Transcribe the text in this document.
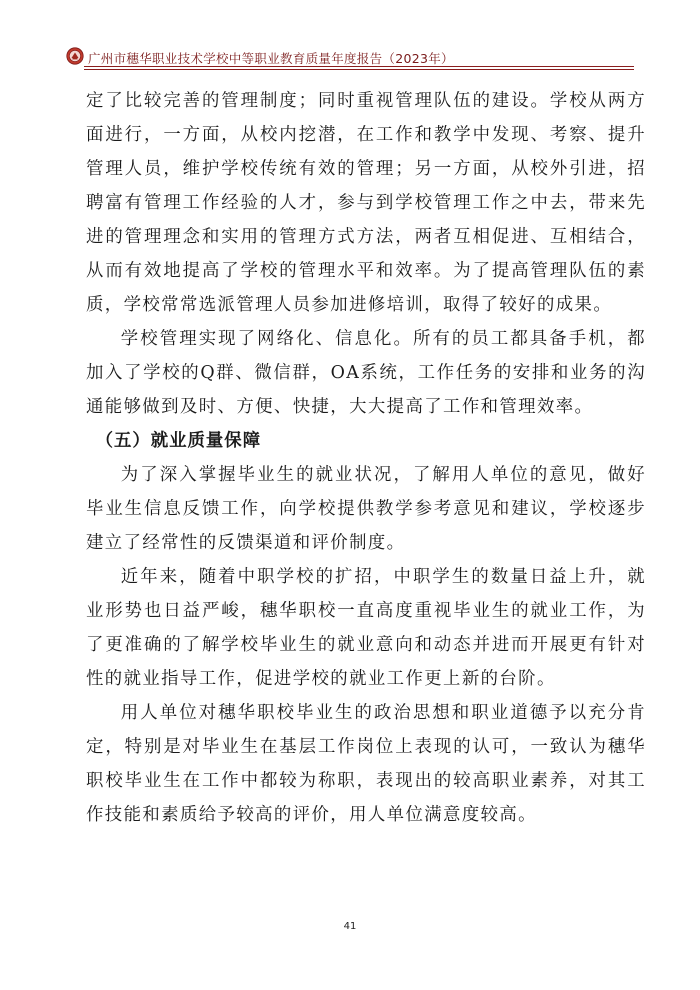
广州市穗华职业技术学校中等职业教育质量年度报告（2023年）

定了比较完善的管理制度；同时重视管理队伍的建设。学校从两方面进行，一方面，从校内挖潜，在工作和教学中发现、考察、提升管理人员，维护学校传统有效的管理；另一方面，从校外引进，招聘富有管理工作经验的人才，参与到学校管理工作之中去，带来先进的管理理念和实用的管理方式方法，两者互相促进、互相结合，从而有效地提高了学校的管理水平和效率。为了提高管理队伍的素质，学校常常选派管理人员参加进修培训，取得了较好的成果。

学校管理实现了网络化、信息化。所有的员工都具备手机，都加入了学校的Q群、微信群，OA系统，工作任务的安排和业务的沟通能够做到及时、方便、快捷，大大提高了工作和管理效率。

（五）就业质量保障

为了深入掌握毕业生的就业状况，了解用人单位的意见，做好毕业生信息反馈工作，向学校提供教学参考意见和建议，学校逐步建立了经常性的反馈渠道和评价制度。

近年来，随着中职学校的扩招，中职学生的数量日益上升，就业形势也日益严峻，穗华职校一直高度重视毕业生的就业工作，为了更准确的了解学校毕业生的就业意向和动态并进而开展更有针对性的就业指导工作，促进学校的就业工作更上新的台阶。

用人单位对穗华职校毕业生的政治思想和职业道德予以充分肯定，特别是对毕业生在基层工作岗位上表现的认可，一致认为穗华职校毕业生在工作中都较为称职，表现出的较高职业素养，对其工作技能和素质给予较高的评价，用人单位满意度较高。

41
